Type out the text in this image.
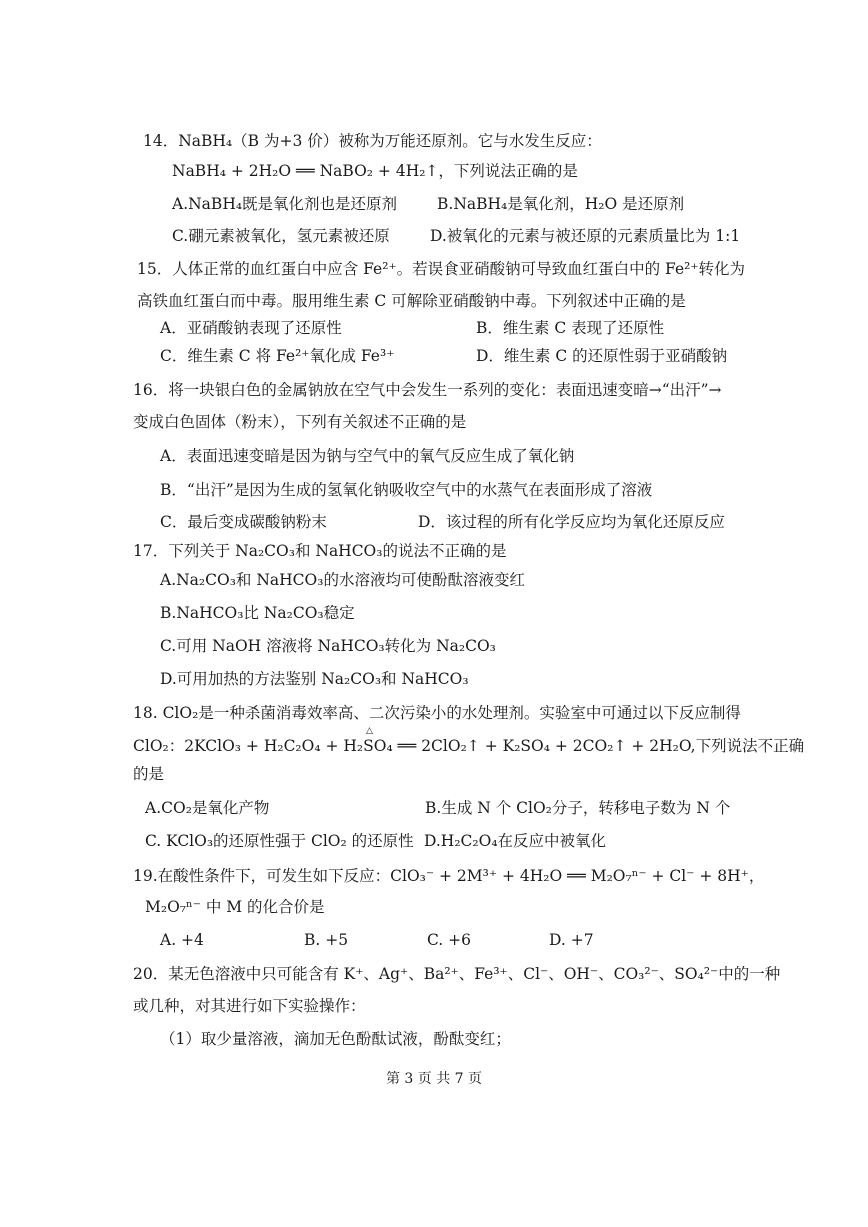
14．NaBH₄（B 为+3 价）被称为万能还原剂。它与水发生反应：
NaBH₄ + 2H₂O ══ NaBO₂ + 4H₂↑，下列说法正确的是
A.NaBH₄既是氧化剂也是还原剂	B.NaBH₄是氧化剂，H₂O 是还原剂
C.硼元素被氧化，氢元素被还原	D.被氧化的元素与被还原的元素质量比为 1:1
15．人体正常的血红蛋白中应含 Fe²⁺。若误食亚硝酸钠可导致血红蛋白中的 Fe²⁺转化为
高铁血红蛋白而中毒。服用维生素 C 可解除亚硝酸钠中毒。下列叙述中正确的是
A．亚硝酸钠表现了还原性	B．维生素 C 表现了还原性
C．维生素 C 将 Fe²⁺氧化成 Fe³⁺	D．维生素 C 的还原性弱于亚硝酸钠
16．将一块银白色的金属钠放在空气中会发生一系列的变化：表面迅速变暗→“出汗”→
变成白色固体（粉末），下列有关叙述不正确的是
A．表面迅速变暗是因为钠与空气中的氧气反应生成了氧化钠
B．“出汗”是因为生成的氢氧化钠吸收空气中的水蒸气在表面形成了溶液
C．最后变成碳酸钠粉末	D．该过程的所有化学反应均为氧化还原反应
17．下列关于 Na₂CO₃和 NaHCO₃的说法不正确的是
A.Na₂CO₃和 NaHCO₃的水溶液均可使酚酞溶液变红
B.NaHCO₃比 Na₂CO₃稳定
C.可用 NaOH 溶液将 NaHCO₃转化为 Na₂CO₃
D.可用加热的方法鉴别 Na₂CO₃和 NaHCO₃
18. ClO₂是一种杀菌消毒效率高、二次污染小的水处理剂。实验室中可通过以下反应制得
△
ClO₂：2KClO₃ + H₂C₂O₄ + H₂SO₄ ══ 2ClO₂↑ + K₂SO₄ + 2CO₂↑ + 2H₂O,下列说法不正确
的是
A.CO₂是氧化产物	B.生成 N 个 ClO₂分子，转移电子数为 N 个
C. KClO₃的还原性强于 ClO₂ 的还原性 D.H₂C₂O₄在反应中被氧化
19.在酸性条件下，可发生如下反应：ClO₃⁻ + 2M³⁺ + 4H₂O ══ M₂O₇ⁿ⁻ + Cl⁻ + 8H⁺，
M₂O₇ⁿ⁻ 中 M 的化合价是
A. +4	B. +5	C. +6	D. +7
20．某无色溶液中只可能含有 K⁺、Ag⁺、Ba²⁺、Fe³⁺、Cl⁻、OH⁻、CO₃²⁻、SO₄²⁻中的一种
或几种，对其进行如下实验操作：
（1）取少量溶液，滴加无色酚酞试液，酚酞变红；
第 3 页 共 7 页
